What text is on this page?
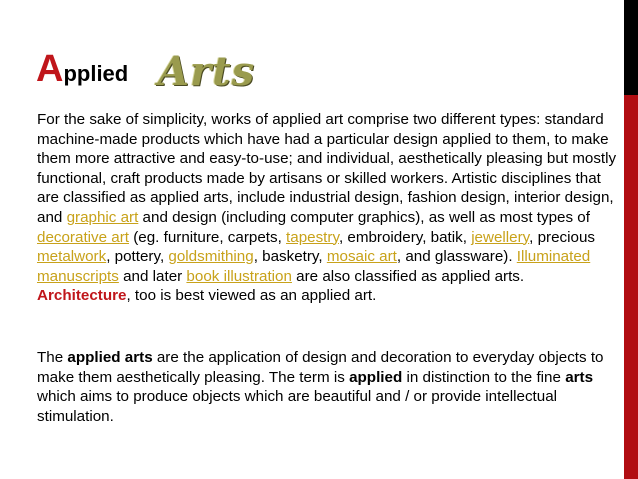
Applied Arts
For the sake of simplicity, works of applied art comprise two different types: standard machine-made products which have had a particular design applied to them, to make them more attractive and easy-to-use; and individual, aesthetically pleasing but mostly functional, craft products made by artisans or skilled workers. Artistic disciplines that are classified as applied arts, include industrial design, fashion design, interior design, and graphic art and design (including computer graphics), as well as most types of decorative art (eg. furniture, carpets, tapestry, embroidery, batik, jewellery, precious metalwork, pottery, goldsmithing, basketry, mosaic art, and glassware). Illuminated manuscripts and later book illustration are also classified as applied arts. Architecture, too is best viewed as an applied art.
The applied arts are the application of design and decoration to everyday objects to make them aesthetically pleasing. The term is applied in distinction to the fine arts which aims to produce objects which are beautiful and / or provide intellectual stimulation.
